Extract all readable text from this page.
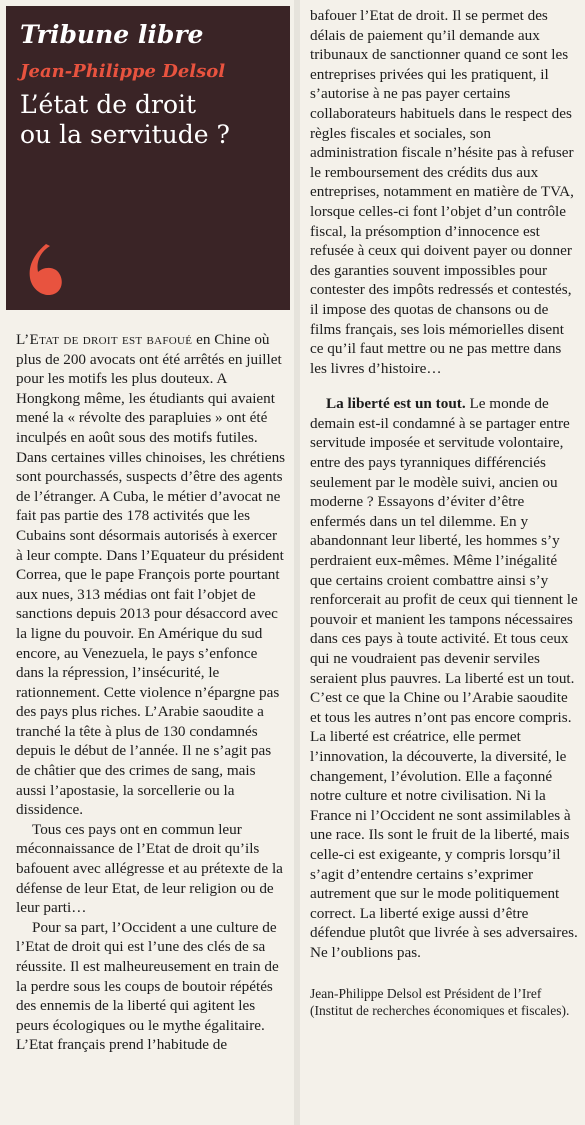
Tribune libre
Jean-Philippe Delsol
L’état de droit
ou la servitude ?

L’Etat de droit est bafoué en Chine où plus de 200 avocats ont été arrêtés en juillet pour les motifs les plus douteux. A Hongkong même, les étudiants qui avaient mené la « révolte des parapluies » ont été inculpés en août sous des motifs futiles. Dans certaines villes chinoises, les chrétiens sont pourchassés, suspects d’être des agents de l’étranger. A Cuba, le métier d’avocat ne fait pas partie des 178 activités que les Cubains sont désormais autorisés à exercer à leur compte. Dans l’Equateur du président Correa, que le pape François porte pourtant aux nues, 313 médias ont fait l’objet de sanctions depuis 2013 pour désaccord avec la ligne du pouvoir. En Amérique du sud encore, au Venezuela, le pays s’enfonce dans la répression, l’insécurité, le rationnement. Cette violence n’épargne pas des pays plus riches. L’Arabie saoudite a tranché la tête à plus de 130 condamnés depuis le début de l’année. Il ne s’agit pas de châtier que des crimes de sang, mais aussi l’apostasie, la sorcellerie ou la dissidence.

Tous ces pays ont en commun leur méconnaissance de l’Etat de droit qu’ils bafouent avec allégresse et au prétexte de la défense de leur Etat, de leur religion ou de leur parti…

Pour sa part, l’Occident a une culture de l’Etat de droit qui est l’une des clés de sa réussite. Il est malheureusement en train de la perdre sous les coups de boutoir répétés des ennemis de la liberté qui agitent les peurs écologiques ou le mythe égalitaire.

L’Etat français prend l’habitude de

bafouer l’Etat de droit. Il se permet des délais de paiement qu’il demande aux tribunaux de sanctionner quand ce sont les entreprises privées qui les pratiquent, il s’autorise à ne pas payer certains collaborateurs habituels dans le respect des règles fiscales et sociales, son administration fiscale n’hésite pas à refuser le remboursement des crédits dus aux entreprises, notamment en matière de TVA, lorsque celles-ci font l’objet d’un contrôle fiscal, la présomption d’innocence est refusée à ceux qui doivent payer ou donner des garanties souvent impossibles pour contester des impôts redressés et contestés, il impose des quotas de chansons ou de films français, ses lois mémorielles disent ce qu’il faut mettre ou ne pas mettre dans les livres d’histoire…

La liberté est un tout. Le monde de demain est-il condamné à se partager entre servitude imposée et servitude volontaire, entre des pays tyranniques différenciés seulement par le modèle suivi, ancien ou moderne ? Essayons d’éviter d’être enfermés dans un tel dilemme. En y abandonnant leur liberté, les hommes s’y perdraient eux-mêmes. Même l’inégalité que certains croient combattre ainsi s’y renforcerait au profit de ceux qui tiennent le pouvoir et manient les tampons nécessaires dans ces pays à toute activité. Et tous ceux qui ne voudraient pas devenir serviles seraient plus pauvres. La liberté est un tout. C’est ce que la Chine ou l’Arabie saoudite et tous les autres n’ont pas encore compris. La liberté est créatrice, elle permet l’innovation, la découverte, la diversité, le changement, l’évolution. Elle a façonné notre culture et notre civilisation. Ni la France ni l’Occident ne sont assimilables à une race. Ils sont le fruit de la liberté, mais celle-ci est exigeante, y compris lorsqu’il s’agit d’entendre certains s’exprimer autrement que sur le mode politiquement correct. La liberté exige aussi d’être défendue plutôt que livrée à ses adversaires. Ne l’oublions pas.

Jean-Philippe Delsol est Président de l’Iref (Institut de recherches économiques et fiscales).
